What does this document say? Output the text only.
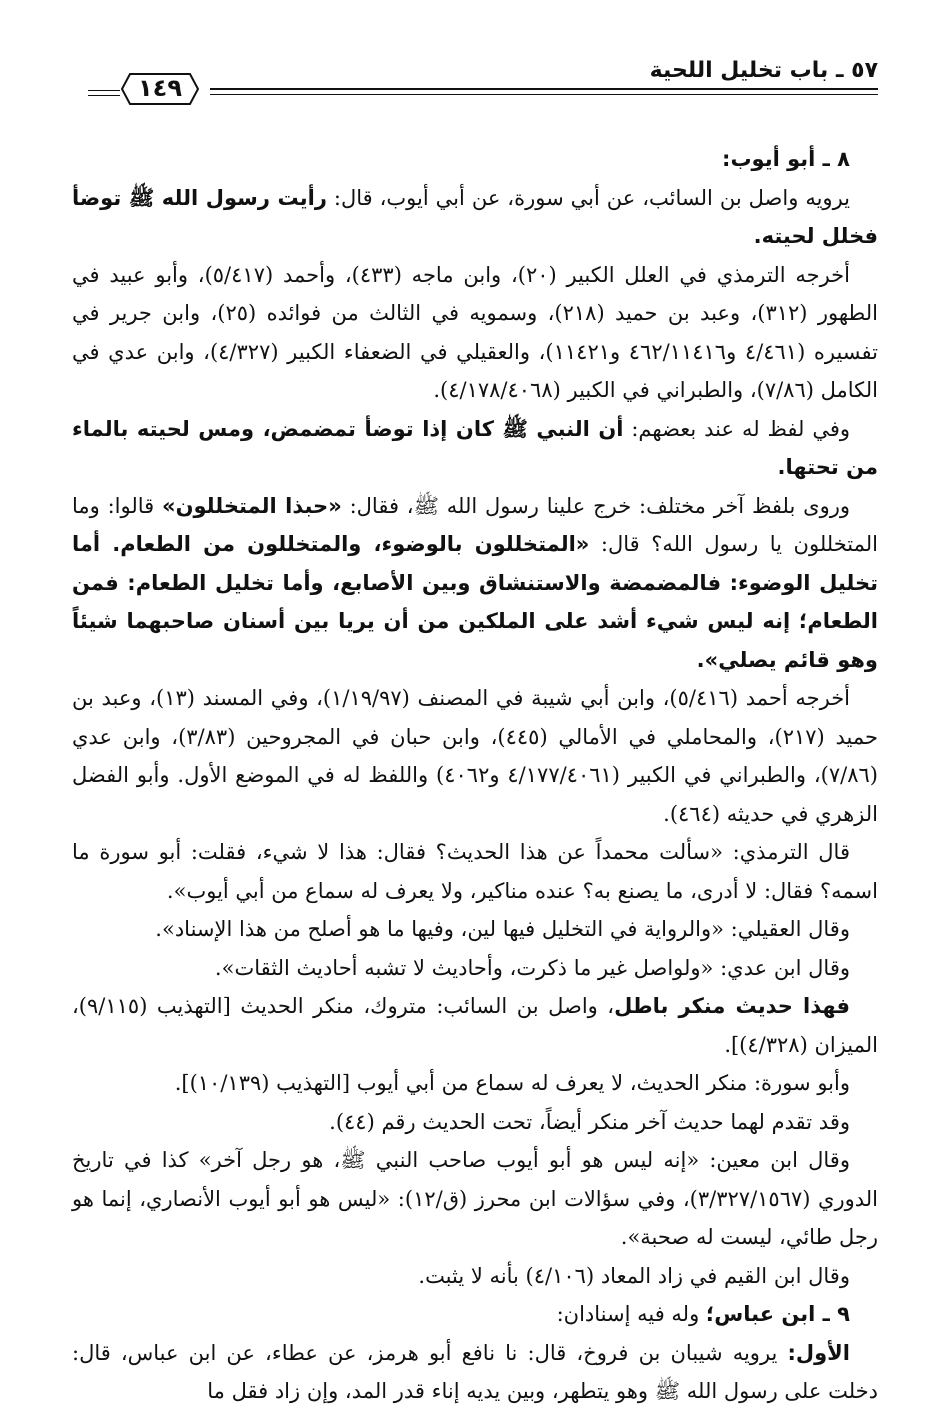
٥٧ ـ باب تخليل اللحية
١٤٩

٨ ـ أبو أيوب:

يرويه واصل بن السائب، عن أبي سورة، عن أبي أيوب، قال: رأيت رسول الله ﷺ توضأ فخلل لحيته.

أخرجه الترمذي في العلل الكبير (٢٠)، وابن ماجه (٤٣٣)، وأحمد (٥/٤١٧)، وأبو عبيد في الطهور (٣١٢)، وعبد بن حميد (٢١٨)، وسمويه في الثالث من فوائده (٢٥)، وابن جرير في تفسيره (٤/٤٦١ و٤٦٢/١١٤١٦ و١١٤٢١)، والعقيلي في الضعفاء الكبير (٤/٣٢٧)، وابن عدي في الكامل (٧/٨٦)، والطبراني في الكبير (٤/١٧٨/٤٠٦٨).

وفي لفظ له عند بعضهم: أن النبي ﷺ كان إذا توضأ تمضمض، ومس لحيته بالماء من تحتها.

وروى بلفظ آخر مختلف: خرج علينا رسول الله ﷺ، فقال: «حبذا المتخللون» قالوا: وما المتخللون يا رسول الله؟ قال: «المتخللون بالوضوء، والمتخللون من الطعام. أما تخليل الوضوء: فالمضمضة والاستنشاق وبين الأصابع، وأما تخليل الطعام: فمن الطعام؛ إنه ليس شيء أشد على الملكين من أن يريا بين أسنان صاحبهما شيئاً وهو قائم يصلي».

أخرجه أحمد (٥/٤١٦)، وابن أبي شيبة في المصنف (١/١٩/٩٧)، وفي المسند (١٣)، وعبد بن حميد (٢١٧)، والمحاملي في الأمالي (٤٤٥)، وابن حبان في المجروحين (٣/٨٣)، وابن عدي (٧/٨٦)، والطبراني في الكبير (٤/١٧٧/٤٠٦١ و٤٠٦٢) واللفظ له في الموضع الأول. وأبو الفضل الزهري في حديثه (٤٦٤).

قال الترمذي: «سألت محمداً عن هذا الحديث؟ فقال: هذا لا شيء، فقلت: أبو سورة ما اسمه؟ فقال: لا أدرى، ما يصنع به؟ عنده مناكير، ولا يعرف له سماع من أبي أيوب».

وقال العقيلي: «والرواية في التخليل فيها لين، وفيها ما هو أصلح من هذا الإسناد».

وقال ابن عدي: «ولواصل غير ما ذكرت، وأحاديث لا تشبه أحاديث الثقات».

فهذا حديث منكر باطل، واصل بن السائب: متروك، منكر الحديث [التهذيب (٩/١١٥)، الميزان (٤/٣٢٨)].

وأبو سورة: منكر الحديث، لا يعرف له سماع من أبي أيوب [التهذيب (١٠/١٣٩)].

وقد تقدم لهما حديث آخر منكر أيضاً، تحت الحديث رقم (٤٤).

وقال ابن معين: «إنه ليس هو أبو أيوب صاحب النبي ﷺ، هو رجل آخر» كذا في تاريخ الدوري (٣/٣٢٧/١٥٦٧)، وفي سؤالات ابن محرز (ق/١٢): «ليس هو أبو أيوب الأنصاري، إنما هو رجل طائي، ليست له صحبة».

وقال ابن القيم في زاد المعاد (٤/١٠٦) بأنه لا يثبت.

٩ ـ ابن عباس؛ وله فيه إسنادان:

الأول: يرويه شيبان بن فروخ، قال: نا نافع أبو هرمز، عن عطاء، عن ابن عباس، قال: دخلت على رسول الله ﷺ وهو يتطهر، وبين يديه إناء قدر المد، وإن زاد فقل ما
